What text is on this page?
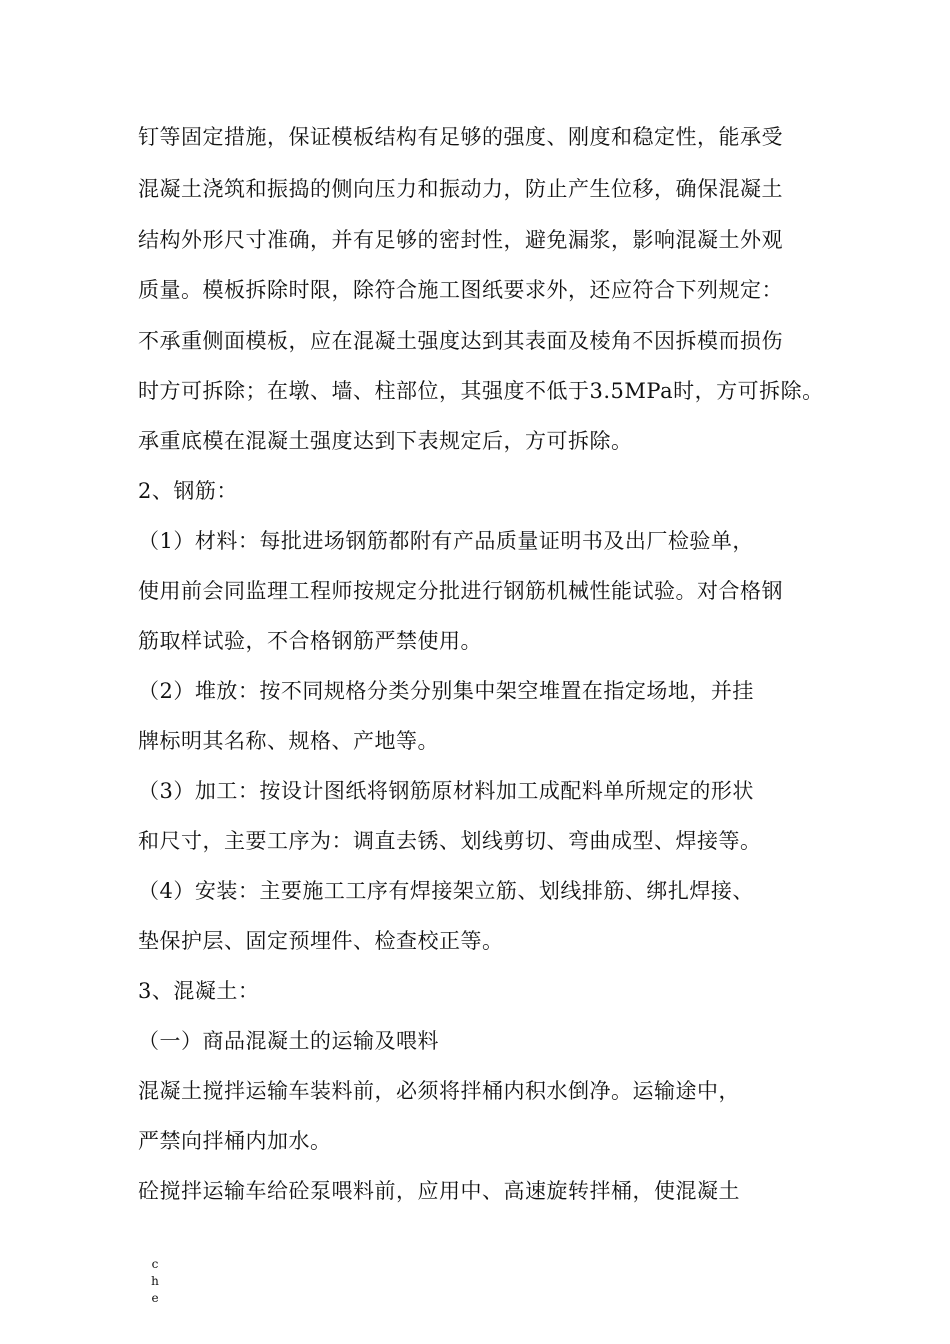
钉等固定措施，保证模板结构有足够的强度、刚度和稳定性，能承受
混凝土浇筑和振捣的侧向压力和振动力，防止产生位移，确保混凝土
结构外形尺寸准确，并有足够的密封性，避免漏浆，影响混凝土外观
质量。模板拆除时限，除符合施工图纸要求外，还应符合下列规定：
不承重侧面模板，应在混凝土强度达到其表面及棱角不因拆模而损伤
时方可拆除；在墩、墙、柱部位，其强度不低于3.5MPa时，方可拆除。
承重底模在混凝土强度达到下表规定后，方可拆除。
2、钢筋：
（1）材料：每批进场钢筋都附有产品质量证明书及出厂检验单，
使用前会同监理工程师按规定分批进行钢筋机械性能试验。对合格钢
筋取样试验，不合格钢筋严禁使用。
（2）堆放：按不同规格分类分别集中架空堆置在指定场地，并挂
牌标明其名称、规格、产地等。
（3）加工：按设计图纸将钢筋原材料加工成配料单所规定的形状
和尺寸，主要工序为：调直去锈、划线剪切、弯曲成型、焊接等。
（4）安装：主要施工工序有焊接架立筋、划线排筋、绑扎焊接、
垫保护层、固定预埋件、检查校正等。
3、混凝土：
（一）商品混凝土的运输及喂料
混凝土搅拌运输车装料前，必须将拌桶内积水倒净。运输途中，
严禁向拌桶内加水。
砼搅拌运输车给砼泵喂料前，应用中、高速旋转拌桶，使混凝土
c
h
e
